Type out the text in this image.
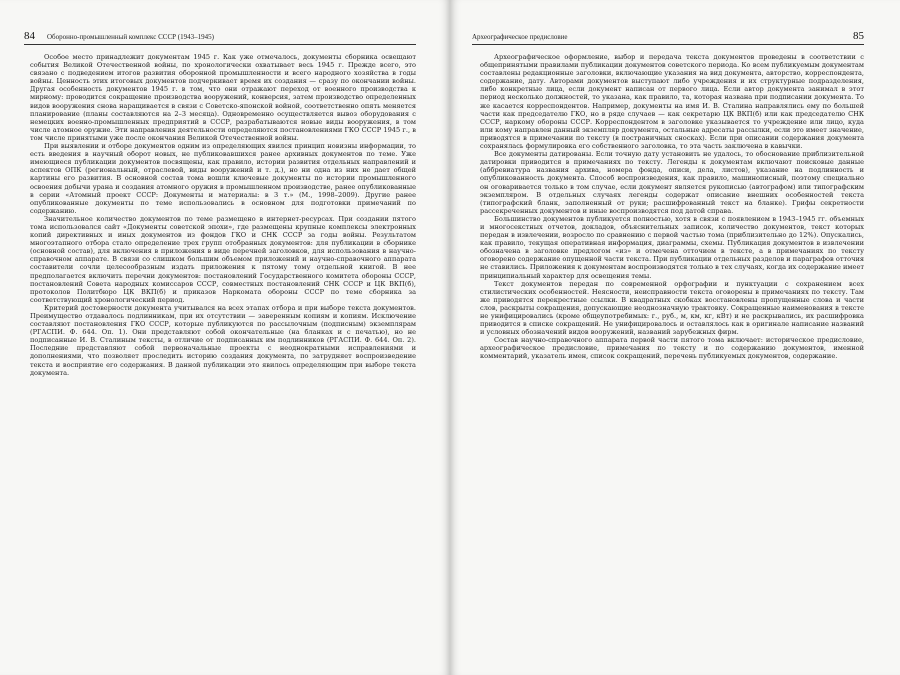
84 Оборонно-промышленный комплекс СССР (1943–1945)

Особое место принадлежит документам 1945 г. Как уже отмечалось, документы сборника освещают события Великой Отечественной войны, по хронологически охватывает весь 1945 г. Прежде всего, это связано с подведением итогов развития оборонной промышленности и всего народного хозяйства в годы войны. Ценность этих итоговых документов подчеркивает время их создания — сразу по окончании войны. Другая особенность документов 1945 г. в том, что они отражают переход от военного производства к мирному: проводится сокращение производства вооружений, конверсия, затем производство определенных видов вооружения снова наращивается в связи с Советско-японской войной, соответственно опять меняется планирование (планы составляются на 2–3 месяца). Одновременно осуществляется вывоз оборудования с немецких военно-промышленных предприятий в СССР, разрабатываются новые виды вооружения, в том числе атомное оружие. Эти направления деятельности определяются постановлениями ГКО СССР 1945 г., в том числе принятыми уже после окончания Великой Отечественной войны.

При выявлении и отборе документов одним из определяющих явился принцип новизны информации, то есть введения в научный оборот новых, не публиковавшихся ранее архивных документов по теме. Уже имеющиеся публикации документов посвящены, как правило, истории развития отдельных направлений и аспектов ОПК (региональный, отраслевой, виды вооружений и т. д.), но ни одна из них не дает общей картины его развития. В основной состав тома вошли ключевые документы по истории промышленного освоения добычи урана и создания атомного оружия в промышленном производстве, ранее опубликованные в серии «Атомный проект СССР: Документы и материалы: в 3 т.» (М., 1998–2009). Другие ранее опубликованные документы по теме использовались в основном для подготовки примечаний по содержанию.

Значительное количество документов по теме размещено в интернет-ресурсах. При создании пятого тома использовался сайт «Документы советской эпохи», где размещены крупные комплексы электронных копий директивных и иных документов из фондов ГКО и СНК СССР за годы войны. Результатом многоэтапного отбора стало определение трех групп отобранных документов: для публикации в сборнике (основной состав), для включения в приложения в виде перечней заголовков, для использования в научно-справочном аппарате. В связи со слишком большим объемом приложений и научно-справочного аппарата составители сочли целесообразным издать приложения к пятому тому отдельной книгой. В нее предполагается включить перечни документов: постановлений Государственного комитета обороны СССР, постановлений Совета народных комиссаров СССР, совместных постановлений СНК СССР и ЦК ВКП(б), протоколов Политбюро ЦК ВКП(б) и приказов Наркомата обороны СССР по теме сборника за соответствующий хронологический период.

Критерий достоверности документа учитывался на всех этапах отбора и при выборе текста документов. Преимущество отдавалось подлинникам, при их отсутствии — заверенным копиям и копиям. Исключение составляют постановления ГКО СССР, которые публикуются по рассылочным (подписным) экземплярам (РГАСПИ. Ф. 644. Оп. 1). Они представляют собой окончательные (на бланках и с печатью), но не подписанные И. В. Сталиным тексты, в отличие от подписанных им подлинников (РГАСПИ. Ф. 644. Оп. 2). Последние представляют собой первоначальные проекты с неоднократными исправлениями и дополнениями, что позволяет проследить историю создания документа, по затрудняет воспроизведение текста и восприятие его содержания. В данной публикации это явилось определяющим при выборе текста документа.

Археографическое предисловие	85

Археографическое оформление, выбор и передача текста документов проведены в соответствии с общепринятыми правилами публикации документов советского периода. Ко всем публикуемым документам составлены редакционные заголовки, включающие указания на вид документа, авторство, корреспондента, содержание, дату. Авторами документов выступают либо учреждения и их структурные подразделения, либо конкретные лица, если документ написан от первого лица. Если автор документа занимал в этот период несколько должностей, то указана, как правило, та, которая названа при подписании документа. То же касается корреспондентов. Например, документы на имя И. В. Сталина направлялись ему по большей части как председателю ГКО, но в ряде случаев — как секретарю ЦК ВКП(б) или как председателю СНК СССР, наркому обороны СССР. Корреспондентом в заголовке указывается то учреждение или лицо, куда или кому направлен данный экземпляр документа, остальные адресаты рассылки, если это имеет значение, приводятся в примечании по тексту (в постраничных сносках). Если при описании содержания документа сохранялась формулировка его собственного заголовка, то эта часть заключена в кавычки.

Все документы датированы. Если точную дату установить не удалось, то обоснование приблизительной датировки приводится в примечаниях по тексту. Легенды к документам включают поисковые данные (аббревиатура названия архива, номера фонда, описи, дела, листов), указание на подлинность и опубликованность документа. Способ воспроизведения, как правило, машинописный, поэтому специально он оговаривается только в том случае, если документ является рукописью (автографом) или типографским экземпляром. В отдельных случаях легенды содержат описание внешних особенностей текста (типографский бланк, заполненный от руки; расшифрованный текст на бланке). Грифы секретности рассекреченных документов и иные воспроизводятся под датой справа.

Большинство документов публикуется полностью, хотя в связи с появлением в 1943–1945 гг. объемных и многосекстных отчетов, докладов, объяснительных записок, количество документов, текст которых передан в извлечении, возросло по сравнению с первой частью тома (приблизительно до 12%). Опускались, как правило, текущая оперативная информация, диаграммы, схемы. Публикация документов в извлечении обозначена в заголовке предлогом «из» и отмечена отточием в тексте, а в примечаниях по тексту оговорено содержание опущенной части текста. При публикации отдельных разделов и параграфов отточия не ставились. Приложения к документам воспроизводятся только в тех случаях, когда их содержание имеет принципиальный характер для освещения темы.

Текст документов передан по современной орфографии и пунктуации с сохранением всех стилистических особенностей. Неясности, неисправности текста оговорены в примечаниях по тексту. Там же приводятся перекрестные ссылки. В квадратных скобках восстановлены пропущенные слова и части слов, раскрыты сокращения, допускающие неоднозначную трактовку. Сокращенные наименования в тексте не унифицировались (кроме общеупотребимых: г., руб., м, км, кг, кВт) и не раскрывались, их расшифровка приводится в списке сокращений. Не унифицировалось и оставлялось как в оригинале написание названий и условных обозначений видов вооружений, названий зарубежных фирм.

Состав научно-справочного аппарата первой части пятого тома включает: историческое предисловие, археографическое предисловие, примечания по тексту и по содержанию документов, именной комментарий, указатель имен, список сокращений, перечень публикуемых документов, содержание.
